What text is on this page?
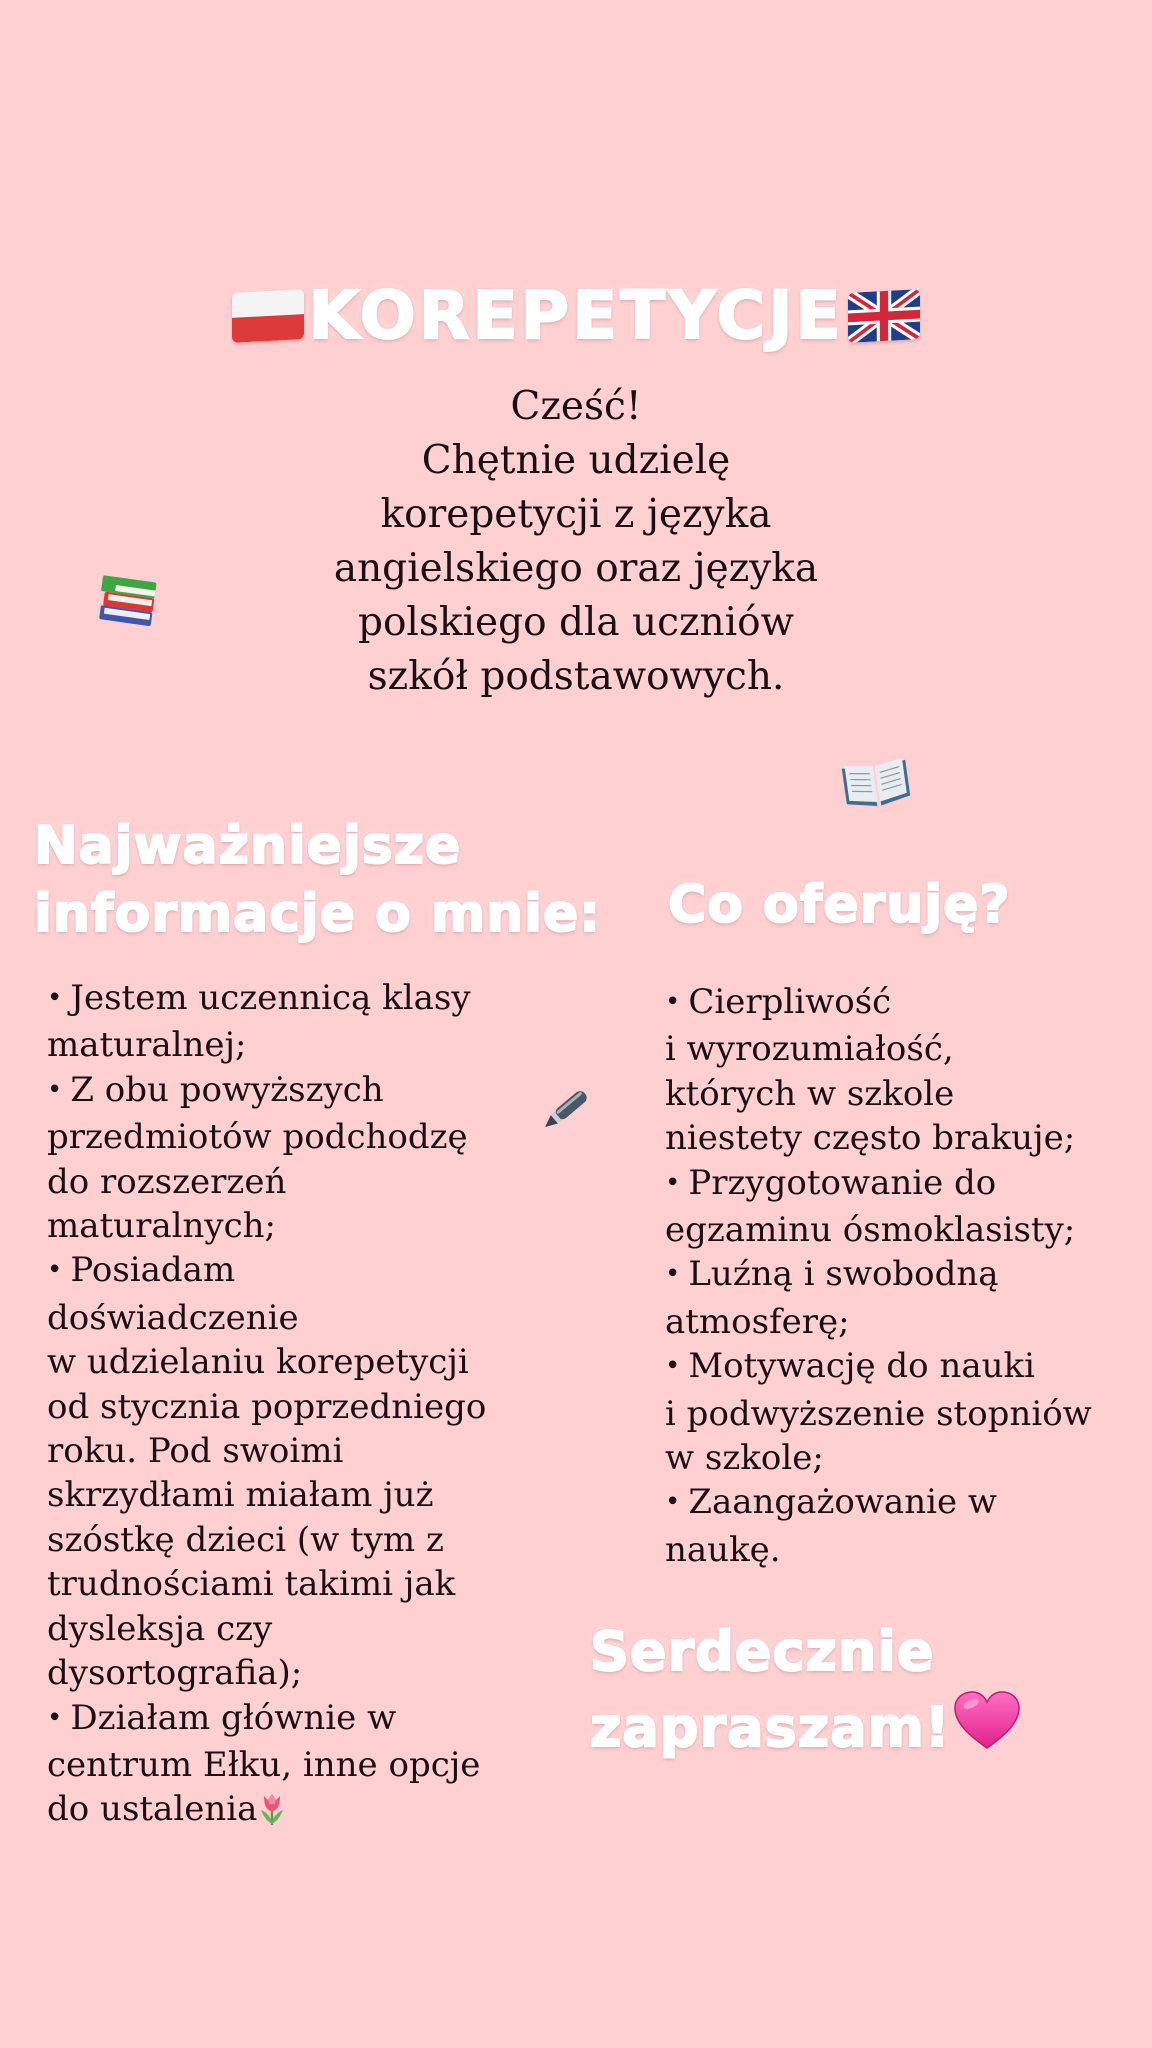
KOREPETYCJE
Cześć!
Chętnie udzielę
korepetycji z języka
angielskiego oraz języka
polskiego dla uczniów
szkół podstawowych.
Najważniejsze
informacje o mnie: Co oferuję?
• Jestem uczennicą klasy
maturalnej;
• Z obu powyższych
przedmiotów podchodzę
do rozszerzeń
maturalnych;
• Posiadam doświadczenie
w udzielaniu korepetycji
od stycznia poprzedniego
roku. Pod swoimi
skrzydłami miałam już
szóstkę dzieci (w tym z
trudnościami takimi jak
dysleksja czy
dysortografia);
• Działam głównie w
centrum Ełku, inne opcje
do ustalenia
• Cierpliwość
i wyrozumiałość,
których w szkole
niestety często brakuje;
• Przygotowanie do
egzaminu ósmoklasisty;
• Luźną i swobodną
atmosferę;
• Motywację do nauki
i podwyższenie stopniów
w szkole;
• Zaangażowanie w naukę.
Serdecznie
zapraszam!
